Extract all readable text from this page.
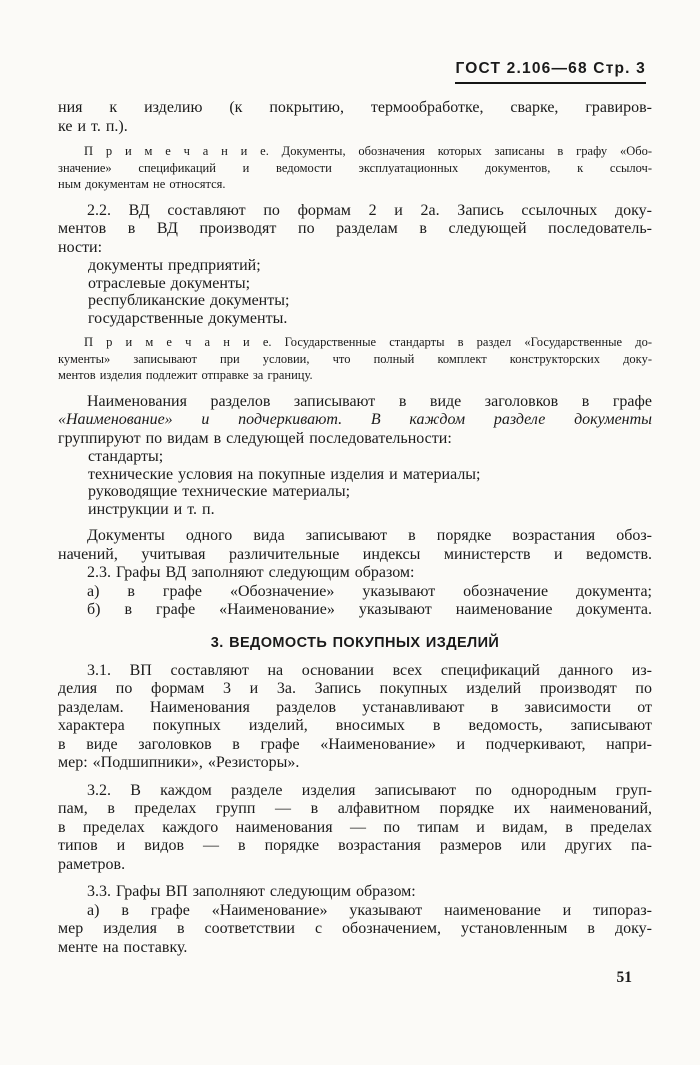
ГОСТ 2.106—68 Стр. 3
ния к изделию (к покрытию, термообработке, сварке, гравиров-
ке и т. п.).
П р и м е ч а н и е. Документы, обозначения которых записаны в графу «Обо-
значение» спецификаций и ведомости эксплуатационных документов, к ссылоч-
ным документам не относятся.
2.2. ВД составляют по формам 2 и 2а. Запись ссылочных доку-
ментов в ВД производят по разделам в следующей последователь-
ности:
документы предприятий;
отраслевые документы;
республиканские документы;
государственные документы.
П р и м е ч а н и е. Государственные стандарты в раздел «Государственные до-
кументы» записывают при условии, что полный комплект конструкторских доку-
ментов изделия подлежит отправке за границу.
Наименования разделов записывают в виде заголовков в графе
«Наименование» и подчеркивают. В каждом разделе документы
группируют по видам в следующей последовательности:
стандарты;
технические условия на покупные изделия и материалы;
руководящие технические материалы;
инструкции и т. п.
Документы одного вида записывают в порядке возрастания обоз-
начений, учитывая различительные индексы министерств и ведомств.
2.3. Графы ВД заполняют следующим образом:
а) в графе «Обозначение» указывают обозначение документа;
б) в графе «Наименование» указывают наименование документа.
3. ВЕДОМОСТЬ ПОКУПНЫХ ИЗДЕЛИЙ
3.1. ВП составляют на основании всех спецификаций данного из-
делия по формам 3 и 3а. Запись покупных изделий производят по
разделам. Наименования разделов устанавливают в зависимости от
характера покупных изделий, вносимых в ведомость, записывают
в виде заголовков в графе «Наименование» и подчеркивают, напри-
мер: «Подшипники», «Резисторы».
3.2. В каждом разделе изделия записывают по однородным груп-
пам, в пределах групп — в алфавитном порядке их наименований,
в пределах каждого наименования — по типам и видам, в пределах
типов и видов — в порядке возрастания размеров или других па-
раметров.
3.3. Графы ВП заполняют следующим образом:
а) в графе «Наименование» указывают наименование и типораз-
мер изделия в соответствии с обозначением, установленным в доку-
менте на поставку.
51
